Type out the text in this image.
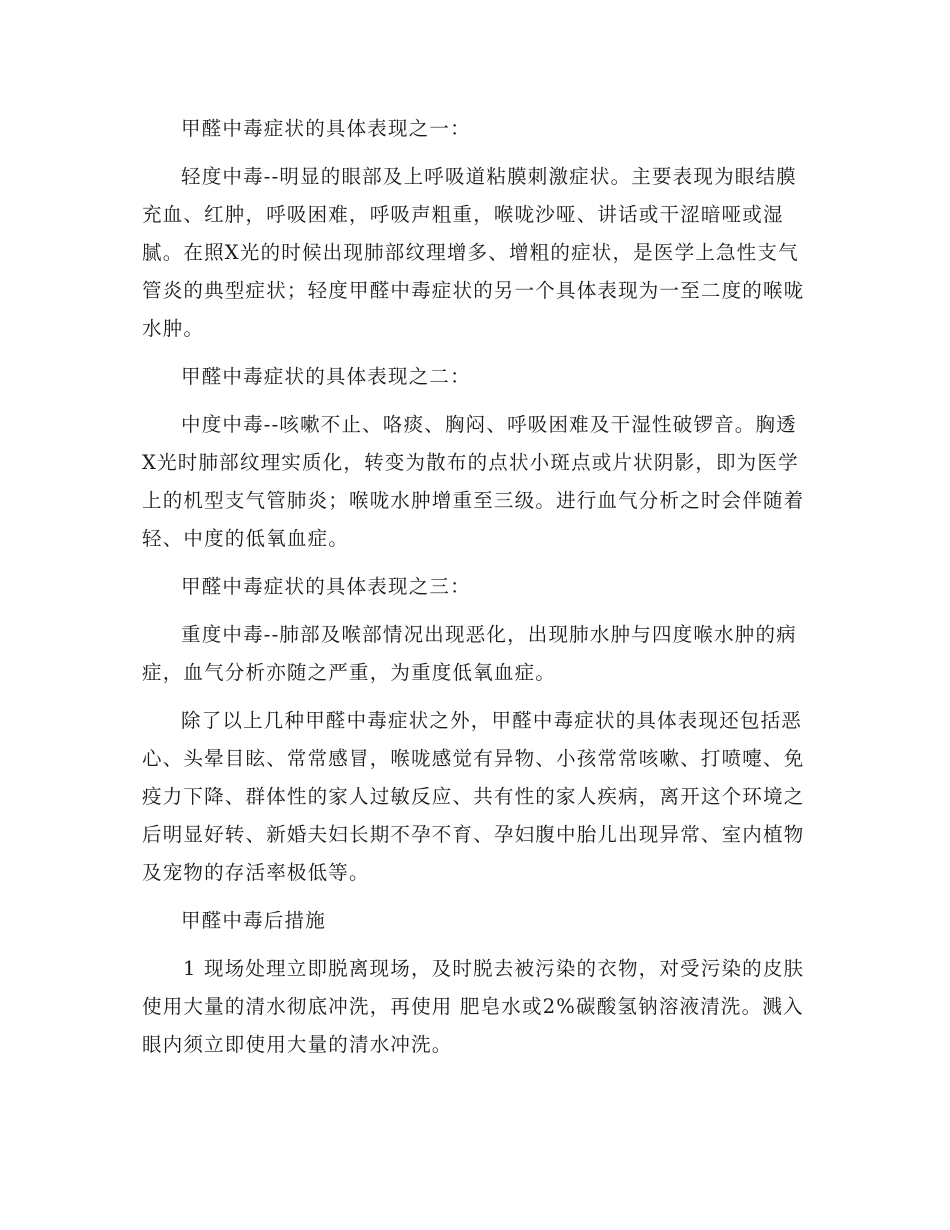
甲醛中毒症状的具体表现之一：

轻度中毒--明显的眼部及上呼吸道粘膜刺激症状。主要表现为眼结膜充血、红肿，呼吸困难，呼吸声粗重，喉咙沙哑、讲话或干涩暗哑或湿腻。在照Ⅹ光的时候出现肺部纹理增多、增粗的症状，是医学上急性支气管炎的典型症状；轻度甲醛中毒症状的另一个具体表现为一至二度的喉咙水肿。

甲醛中毒症状的具体表现之二：

中度中毒--咳嗽不止、咯痰、胸闷、呼吸困难及干湿性破锣音。胸透Ⅹ光时肺部纹理实质化，转变为散布的点状小斑点或片状阴影，即为医学上的机型支气管肺炎；喉咙水肿增重至三级。进行血气分析之时会伴随着轻、中度的低氧血症。

甲醛中毒症状的具体表现之三：

重度中毒--肺部及喉部情况出现恶化，出现肺水肿与四度喉水肿的病症，血气分析亦随之严重，为重度低氧血症。

除了以上几种甲醛中毒症状之外，甲醛中毒症状的具体表现还包括恶心、头晕目眩、常常感冒，喉咙感觉有异物、小孩常常咳嗽、打喷嚏、免疫力下降、群体性的家人过敏反应、共有性的家人疾病，离开这个环境之后明显好转、新婚夫妇长期不孕不育、孕妇腹中胎儿出现异常、室内植物及宠物的存活率极低等。

甲醛中毒后措施

1 现场处理立即脱离现场，及时脱去被污染的衣物，对受污染的皮肤使用大量的清水彻底冲洗，再使用 肥皂水或2%碳酸氢钠溶液清洗。溅入眼内须立即使用大量的清水冲洗。
